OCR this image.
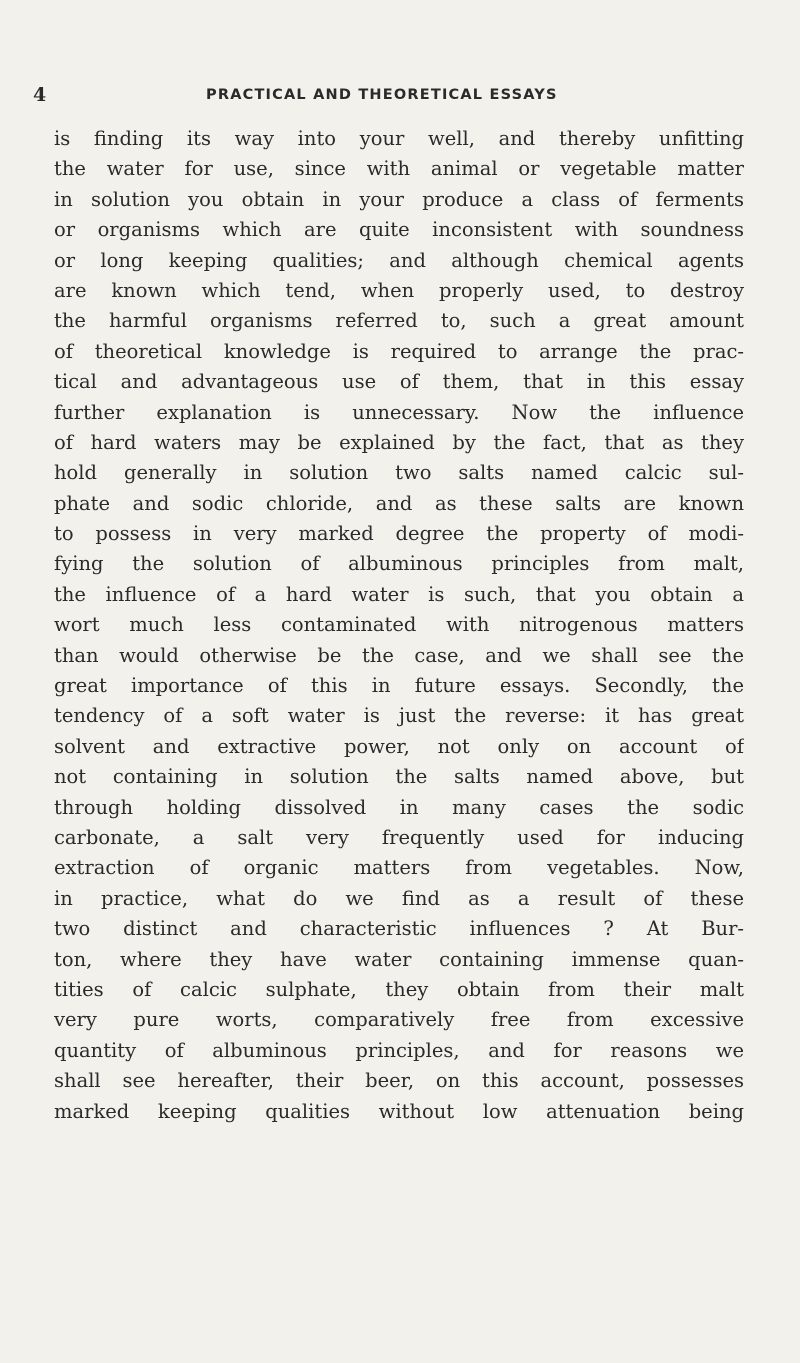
4	PRACTICAL AND THEORETICAL ESSAYS
is finding its way into your well, and thereby unfitting
the water for use, since with animal or vegetable matter
in solution you obtain in your produce a class of ferments
or organisms which are quite inconsistent with soundness
or long keeping qualities; and although chemical agents
are known which tend, when properly used, to destroy
the harmful organisms referred to, such a great amount
of theoretical knowledge is required to arrange the prac-
tical and advantageous use of them, that in this essay
further explanation is unnecessary. Now the influence
of hard waters may be explained by the fact, that as they
hold generally in solution two salts named calcic sul-
phate and sodic chloride, and as these salts are known
to possess in very marked degree the property of modi-
fying the solution of albuminous principles from malt,
the influence of a hard water is such, that you obtain a
wort much less contaminated with nitrogenous matters
than would otherwise be the case, and we shall see the
great importance of this in future essays. Secondly, the
tendency of a soft water is just the reverse: it has great
solvent and extractive power, not only on account of
not containing in solution the salts named above, but
through holding dissolved in many cases the sodic
carbonate, a salt very frequently used for inducing
extraction of organic matters from vegetables. Now,
in practice, what do we find as a result of these
two distinct and characteristic influences ? At Bur-
ton, where they have water containing immense quan-
tities of calcic sulphate, they obtain from their malt
very pure worts, comparatively free from excessive
quantity of albuminous principles, and for reasons we
shall see hereafter, their beer, on this account, possesses
marked keeping qualities without low attenuation being
